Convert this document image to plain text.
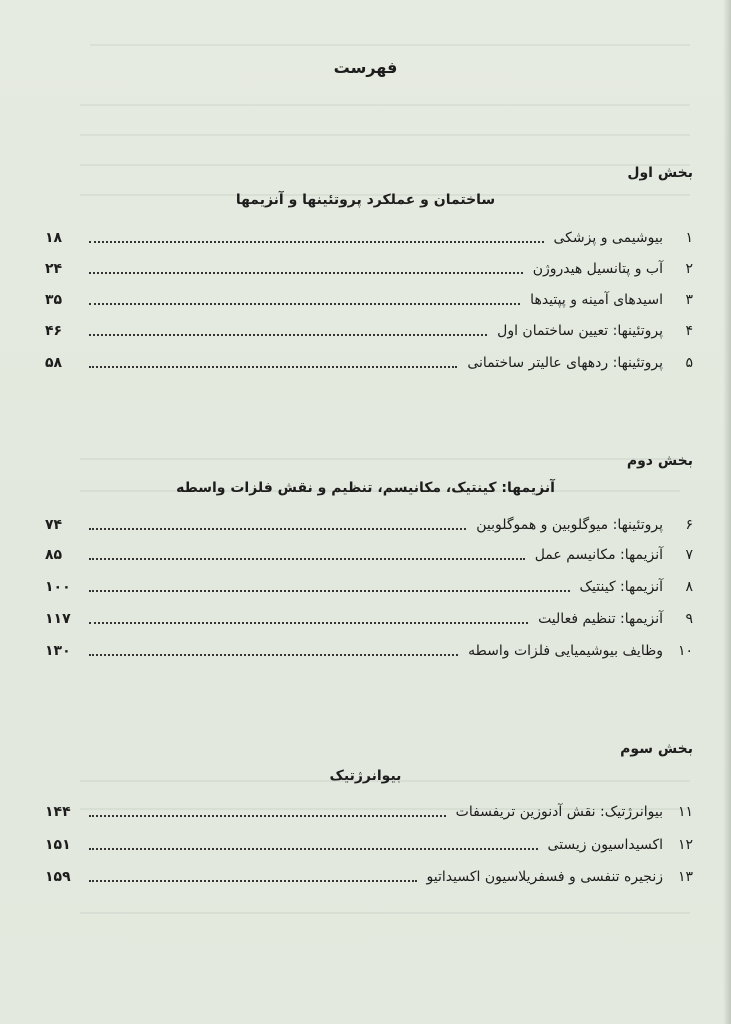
فهرست
بخش اول
ساختمان و عملکرد پروتئینها و آنزیمها
۱
بیوشیمی و پزشکی
۱۸
۲
آب و پتانسیل هیدروژن
۲۴
۳
اسیدهای آمینه و پپتیدها
۳۵
۴
پروتئینها: تعیین ساختمان اول
۴۶
۵
پروتئینها: ردههای عالیتر ساختمانی
۵۸
بخش دوم
آنزیمها: کینتیک، مکانیسم، تنظیم و نقش فلزات واسطه
۶
پروتئینها: میوگلوبین و هموگلوبین
۷۴
۷
آنزیمها: مکانیسم عمل
۸۵
۸
آنزیمها: کینتیک
۱۰۰
۹
آنزیمها: تنظیم فعالیت
۱۱۷
۱۰
وظایف بیوشیمیایی فلزات واسطه
۱۳۰
بخش سوم
بیوانرژتیک
۱۱
بیوانرژتیک: نقش آدنوزین تریفسفات
۱۴۴
۱۲
اکسیداسیون زیستی
۱۵۱
۱۳
زنجیره تنفسی و فسفریلاسیون اکسیداتیو
۱۵۹
